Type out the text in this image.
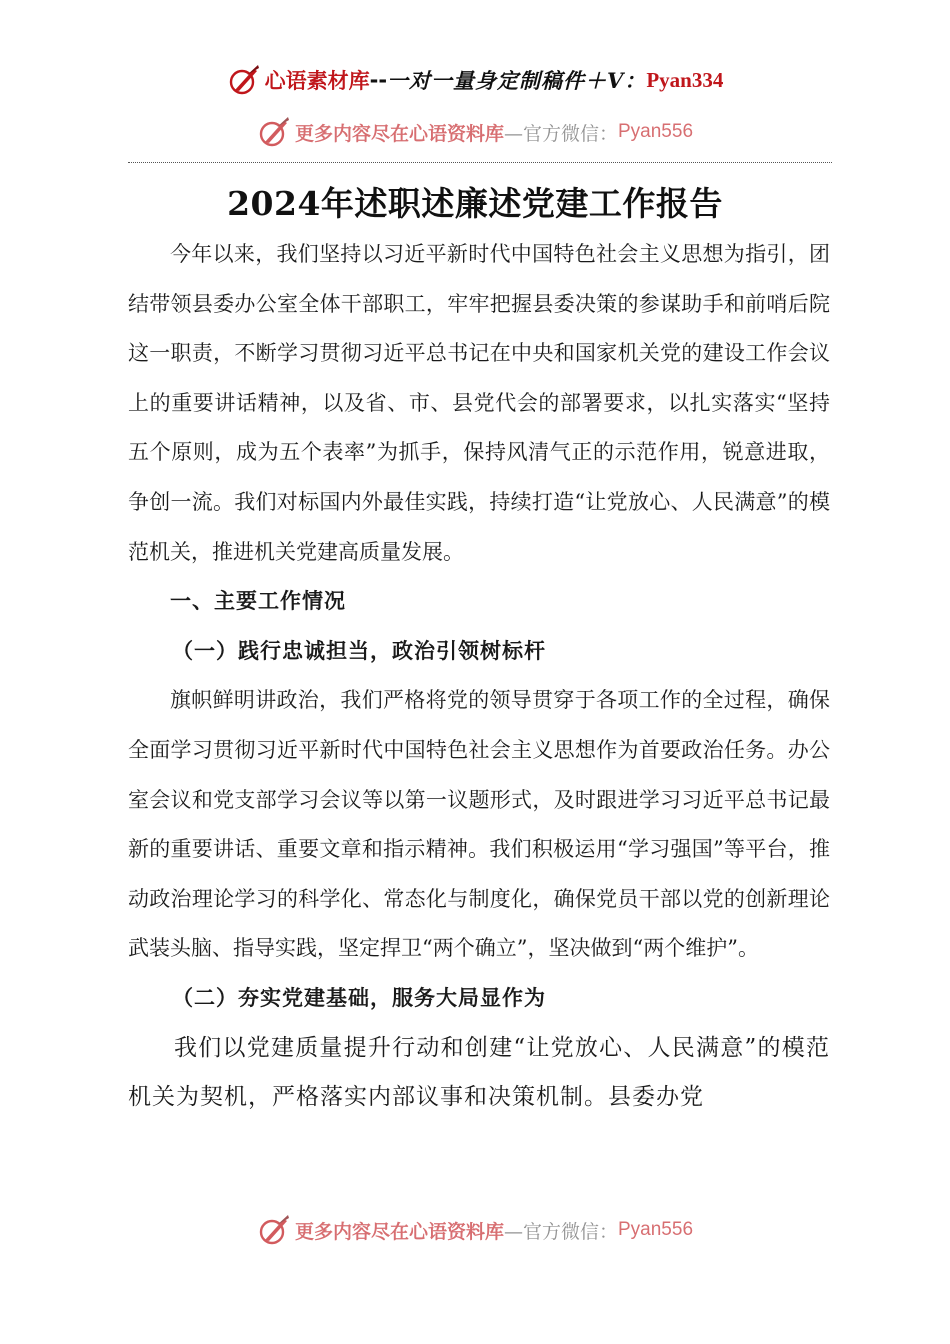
心语素材库 -- 一对一量身定制稿件＋V： Pyan334
更多内容尽在心语资料库 —官方微信： Pyan556
2024年述职述廉述党建工作报告

今年以来，我们坚持以习近平新时代中国特色社会主义思想为指引，团结带领县委办公室全体干部职工，牢牢把握县委决策的参谋助手和前哨后院这一职责，不断学习贯彻习近平总书记在中央和国家机关党的建设工作会议上的重要讲话精神，以及省、市、县党代会的部署要求，以扎实落实“坚持五个原则，成为五个表率”为抓手，保持风清气正的示范作用，锐意进取，争创一流。我们对标国内外最佳实践，持续打造“让党放心、人民满意”的模范机关，推进机关党建高质量发展。

一、主要工作情况
（一）践行忠诚担当，政治引领树标杆

旗帜鲜明讲政治，我们严格将党的领导贯穿于各项工作的全过程，确保全面学习贯彻习近平新时代中国特色社会主义思想作为首要政治任务。办公室会议和党支部学习会议等以第一议题形式，及时跟进学习习近平总书记最新的重要讲话、重要文章和指示精神。我们积极运用“学习强国”等平台，推动政治理论学习的科学化、常态化与制度化，确保党员干部以党的创新理论武装头脑、指导实践，坚定捍卫“两个确立”，坚决做到“两个维护”。

（二）夯实党建基础，服务大局显作为

我们以党建质量提升行动和创建“让党放心、人民满意”的模范机关为契机，严格落实内部议事和决策机制。县委办党

更多内容尽在心语资料库 —官方微信： Pyan556
